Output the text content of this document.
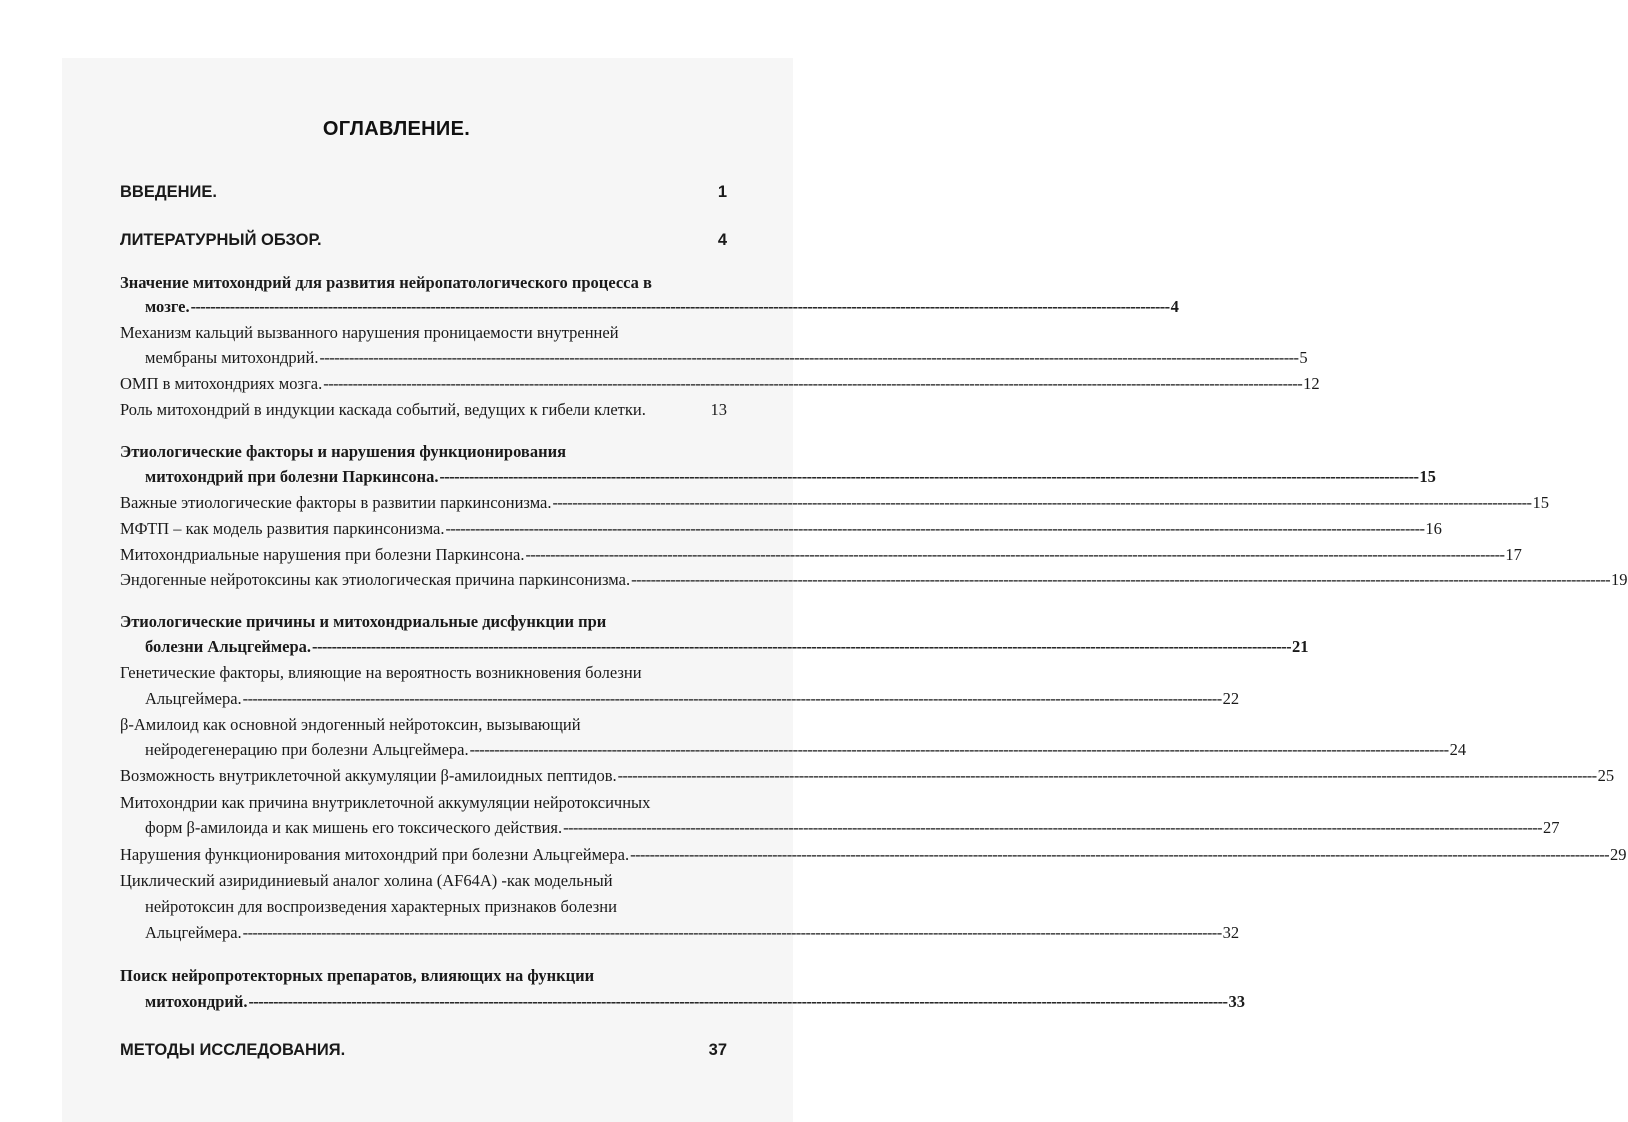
ОГЛАВЛЕНИЕ.
ВВЕДЕНИЕ.	1
ЛИТЕРАТУРНЫЙ ОБЗОР.	4
Значение митохондрий для развития нейропатологического процесса в
мозге. -------------------------------------------------------------------------------------------------------------------------------------------------------------------------------------------------------- 4
Механизм кальций вызванного нарушения проницаемости внутренней
мембраны митохондрий. -------------------------------------------------------------------------------------------------------------------------------------------------------------------------------------------------------- 5
ОМП в митохондриях мозга. -------------------------------------------------------------------------------------------------------------------------------------------------------------------------------------------------------- 12
Роль митохондрий в индукции каскада событий, ведущих к гибели клетки.	13
Этиологические факторы и нарушения функционирования
митохондрий при болезни Паркинсона. -------------------------------------------------------------------------------------------------------------------------------------------------------------------------------------------------------- 15
Важные этиологические факторы в развитии паркинсонизма. -------------------------------------------------------------------------------------------------------------------------------------------------------------------------------------------------------- 15
МФТП – как модель развития паркинсонизма. -------------------------------------------------------------------------------------------------------------------------------------------------------------------------------------------------------- 16
Митохондриальные нарушения при болезни Паркинсона. -------------------------------------------------------------------------------------------------------------------------------------------------------------------------------------------------------- 17
Эндогенные нейротоксины как этиологическая причина паркинсонизма. -------------------------------------------------------------------------------------------------------------------------------------------------------------------------------------------------------- 19
Этиологические причины и митохондриальные дисфункции при
болезни Альцгеймера. -------------------------------------------------------------------------------------------------------------------------------------------------------------------------------------------------------- 21
Генетические факторы, влияющие на вероятность возникновения болезни
Альцгеймера. -------------------------------------------------------------------------------------------------------------------------------------------------------------------------------------------------------- 22
β-Амилоид как основной эндогенный нейротоксин, вызывающий
нейродегенерацию при болезни Альцгеймера. -------------------------------------------------------------------------------------------------------------------------------------------------------------------------------------------------------- 24
Возможность внутриклеточной аккумуляции β-амилоидных пептидов. -------------------------------------------------------------------------------------------------------------------------------------------------------------------------------------------------------- 25
Митохондрии как причина внутриклеточной аккумуляции нейротоксичных
форм β-амилоида и как мишень его токсического действия. -------------------------------------------------------------------------------------------------------------------------------------------------------------------------------------------------------- 27
Нарушения функционирования митохондрий при болезни Альцгеймера. -------------------------------------------------------------------------------------------------------------------------------------------------------------------------------------------------------- 29
Циклический азиридиниевый аналог холина (AF64A) -как модельный
нейротоксин для воспроизведения характерных признаков болезни
Альцгеймера. -------------------------------------------------------------------------------------------------------------------------------------------------------------------------------------------------------- 32
Поиск нейропротекторных препаратов, влияющих на функции
митохондрий. -------------------------------------------------------------------------------------------------------------------------------------------------------------------------------------------------------- 33
МЕТОДЫ ИССЛЕДОВАНИЯ.	37
